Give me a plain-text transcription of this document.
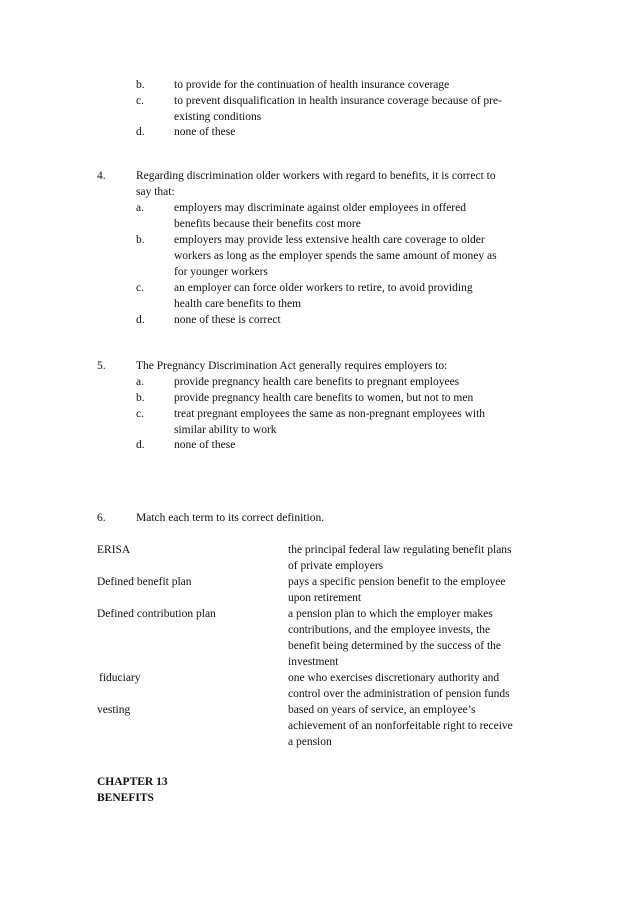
b.	to provide for the continuation of health insurance coverage
c.	to prevent disqualification in health insurance coverage because of pre-
existing conditions
d.	none of these
4.	Regarding discrimination older workers with regard to benefits, it is correct to
say that:
a.	employers may discriminate against older employees in offered
benefits because their benefits cost more
b.	employers may provide less extensive health care coverage to older
workers as long as the employer spends the same amount of money as
for younger workers
c.	an employer can force older workers to retire, to avoid providing
health care benefits to them
d.	none of these is correct
5.	The Pregnancy Discrimination Act generally requires employers to:
a.	provide pregnancy health care benefits to pregnant employees
b.	provide pregnancy health care benefits to women, but not to men
c.	treat pregnant employees the same as non-pregnant employees with
similar ability to work
d.	none of these
6.	Match each term to its correct definition.
ERISA	the principal federal law regulating benefit plans
of private employers
Defined benefit plan	pays a specific pension benefit to the employee
upon retirement
Defined contribution plan	a pension plan to which the employer makes
contributions, and the employee invests, the
benefit being determined by the success of the
investment
fiduciary	one who exercises discretionary authority and
control over the administration of pension funds
vesting	based on years of service, an employee’s
achievement of an nonforfeitable right to receive
a pension
CHAPTER 13
BENEFITS
